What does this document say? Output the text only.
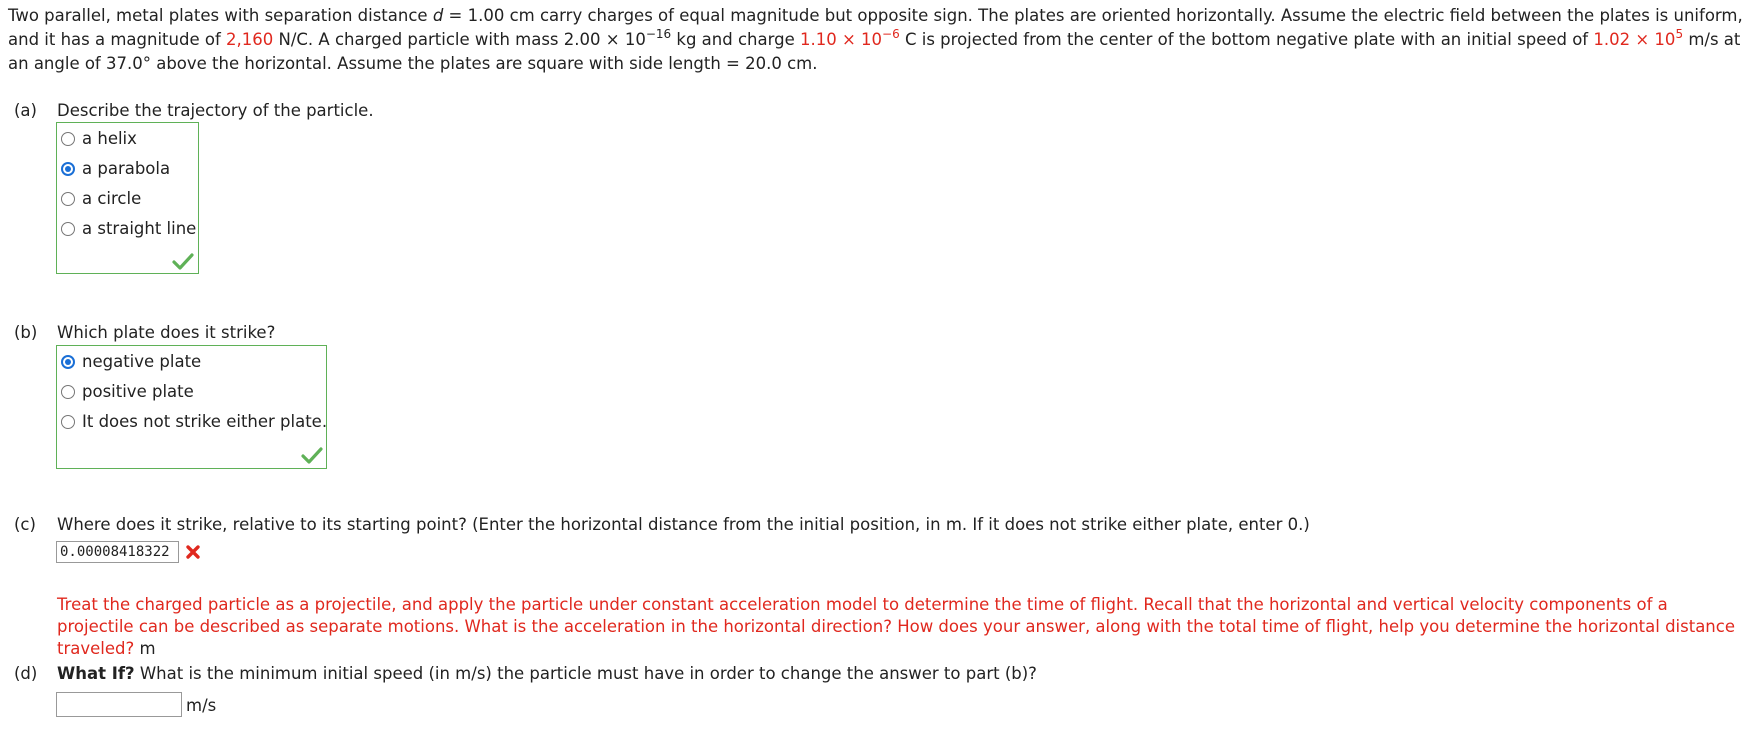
Two parallel, metal plates with separation distance d = 1.00 cm carry charges of equal magnitude but opposite sign. The plates are oriented horizontally. Assume the electric field between the plates is uniform, and it has a magnitude of 2,160 N/C. A charged particle with mass $2.00 \times 10^{-16}$ kg and charge $1.10 \times 10^{-6}$ C is projected from the center of the bottom negative plate with an initial speed of $1.02 \times 10^5$ m/s at an angle of 37.0° above the horizontal. Assume the plates are square with side length = 20.0 cm.
(a) Describe the trajectory of the particle.
a helix
a parabola
a circle
a straight line
(b) Which plate does it strike?
negative plate
positive plate
It does not strike either plate.
(c) Where does it strike, relative to its starting point? (Enter the horizontal distance from the initial position, in m. If it does not strike either plate, enter 0.)
0.00008418322
Treat the charged particle as a projectile, and apply the particle under constant acceleration model to determine the time of flight. Recall that the horizontal and vertical velocity components of a projectile can be described as separate motions. What is the acceleration in the horizontal direction? How does your answer, along with the total time of flight, help you determine the horizontal distance traveled? m
(d) What If? What is the minimum initial speed (in m/s) the particle must have in order to change the answer to part (b)?
m/s
